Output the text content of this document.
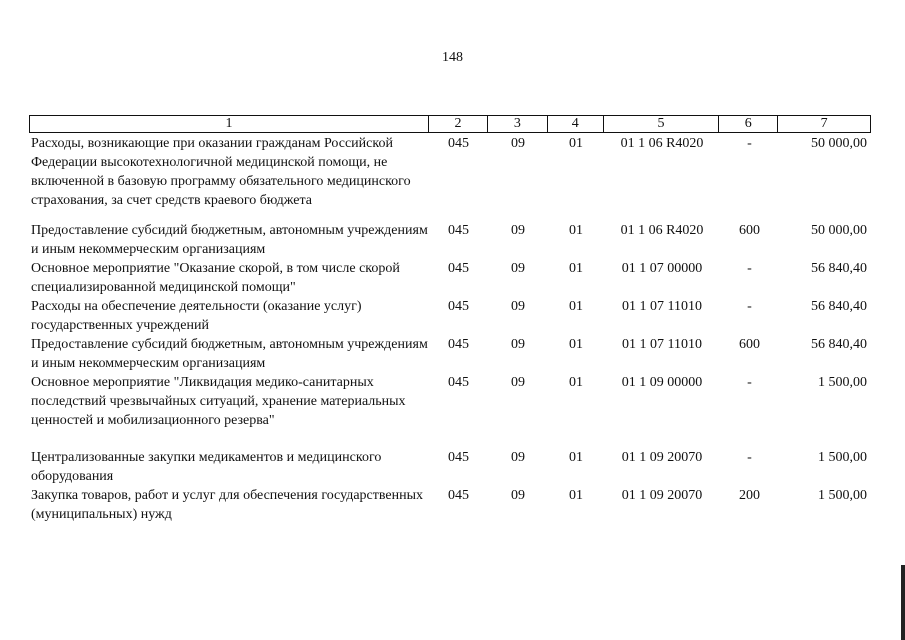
148
1	2	3	4	5	6	7
Расходы, возникающие при оказании гражданам Российской Федерации высокотехнологичной медицинской помощи, не включенной в базовую программу обязательного медицинского страхования, за счет средств краевого бюджета
045	09	01	01 1 06 R4020	-	50 000,00
Предоставление субсидий бюджетным, автономным учреждениям и иным некоммерческим организациям
045	09	01	01 1 06 R4020	600	50 000,00
Основное мероприятие "Оказание скорой, в том числе скорой специализированной медицинской помощи"
045	09	01	01 1 07 00000	-	56 840,40
Расходы на обеспечение деятельности (оказание услуг) государственных учреждений
045	09	01	01 1 07 11010	-	56 840,40
Предоставление субсидий бюджетным, автономным учреждениям и иным некоммерческим организациям
045	09	01	01 1 07 11010	600	56 840,40
Основное мероприятие "Ликвидация медико-санитарных последствий чрезвычайных ситуаций, хранение материальных ценностей и мобилизационного резерва"
045	09	01	01 1 09 00000	-	1 500,00
Централизованные закупки медикаментов и медицинского оборудования
045	09	01	01 1 09 20070	-	1 500,00
Закупка товаров, работ и услуг для обеспечения государственных (муниципальных) нужд
045	09	01	01 1 09 20070	200	1 500,00
